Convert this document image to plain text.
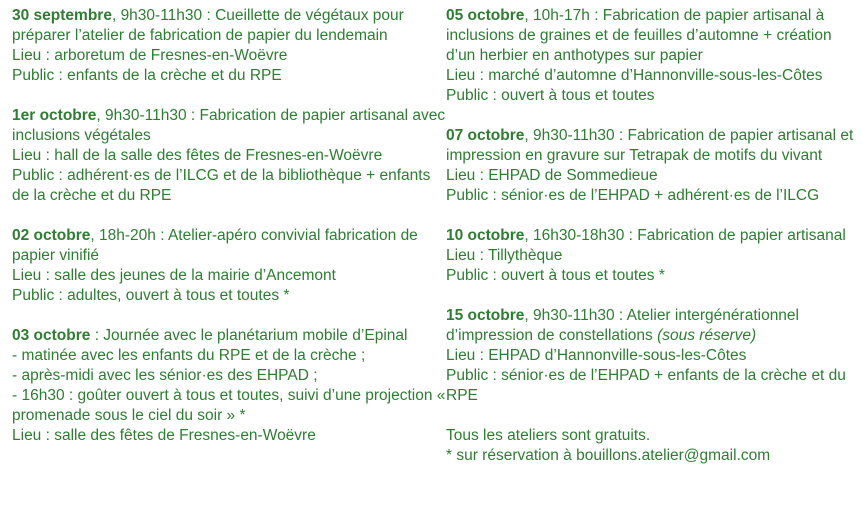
30 septembre, 9h30-11h30 : Cueillette de végétaux pour préparer l’atelier de fabrication de papier du lendemain

Lieu : arboretum de Fresnes-en-Woëvre

Public : enfants de la crèche et du RPE

1er octobre, 9h30-11h30 : Fabrication de papier artisanal avec inclusions végétales

Lieu : hall de la salle des fêtes de Fresnes-en-Woëvre

Public : adhérent·es de l’ILCG et de la bibliothèque + enfants de la crèche et du RPE

02 octobre, 18h-20h : Atelier-apéro convivial fabrication de papier vinifié

Lieu : salle des jeunes de la mairie d’Ancemont

Public : adultes, ouvert à tous et toutes *

03 octobre : Journée avec le planétarium mobile d’Epinal

- matinée avec les enfants du RPE et de la crèche ;

- après-midi avec les sénior·es des EHPAD ;

- 16h30 : goûter ouvert à tous et toutes, suivi d’une projection « promenade sous le ciel du soir » *

Lieu : salle des fêtes de Fresnes-en-Woëvre

05 octobre, 10h-17h : Fabrication de papier artisanal à inclusions de graines et de feuilles d’automne + création d’un herbier en anthotypes sur papier

Lieu : marché d’automne d’Hannonville-sous-les-Côtes

Public : ouvert à tous et toutes

07 octobre, 9h30-11h30 : Fabrication de papier artisanal et impression en gravure sur Tetrapak de motifs du vivant

Lieu : EHPAD de Sommedieue

Public : sénior·es de l’EHPAD + adhérent·es de l’ILCG

10 octobre, 16h30-18h30 : Fabrication de papier artisanal

Lieu : Tillythèque

Public : ouvert à tous et toutes *

15 octobre, 9h30-11h30 : Atelier intergénérationnel d’impression de constellations (sous réserve)

Lieu : EHPAD d’Hannonville-sous-les-Côtes

Public : sénior·es de l’EHPAD + enfants de la crèche et du RPE

Tous les ateliers sont gratuits.

* sur réservation à bouillons.atelier@gmail.com
